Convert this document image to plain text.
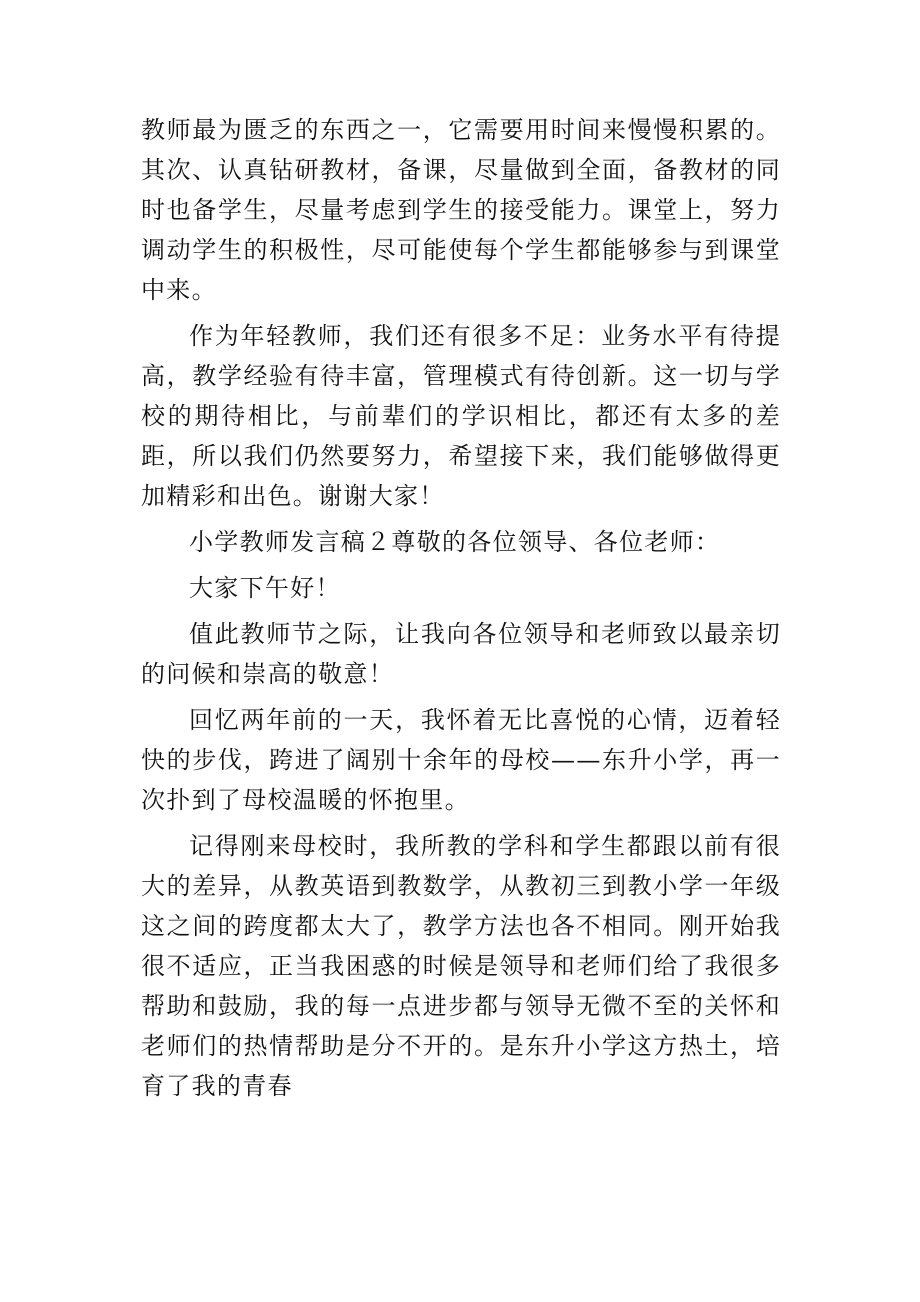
教师最为匮乏的东西之一，它需要用时间来慢慢积累的。其次、认真钻研教材，备课，尽量做到全面，备教材的同时也备学生，尽量考虑到学生的接受能力。课堂上，努力调动学生的积极性，尽可能使每个学生都能够参与到课堂中来。

作为年轻教师，我们还有很多不足：业务水平有待提高，教学经验有待丰富，管理模式有待创新。这一切与学校的期待相比，与前辈们的学识相比，都还有太多的差距，所以我们仍然要努力，希望接下来，我们能够做得更加精彩和出色。谢谢大家！

小学教师发言稿２尊敬的各位领导、各位老师：

大家下午好！

值此教师节之际，让我向各位领导和老师致以最亲切的问候和崇高的敬意！

回忆两年前的一天，我怀着无比喜悦的心情，迈着轻快的步伐，跨进了阔别十余年的母校——东升小学，再一次扑到了母校温暖的怀抱里。

记得刚来母校时，我所教的学科和学生都跟以前有很大的差异，从教英语到教数学，从教初三到教小学一年级这之间的跨度都太大了，教学方法也各不相同。刚开始我很不适应，正当我困惑的时候是领导和老师们给了我很多帮助和鼓励，我的每一点进步都与领导无微不至的关怀和老师们的热情帮助是分不开的。是东升小学这方热土，培育了我的青春
